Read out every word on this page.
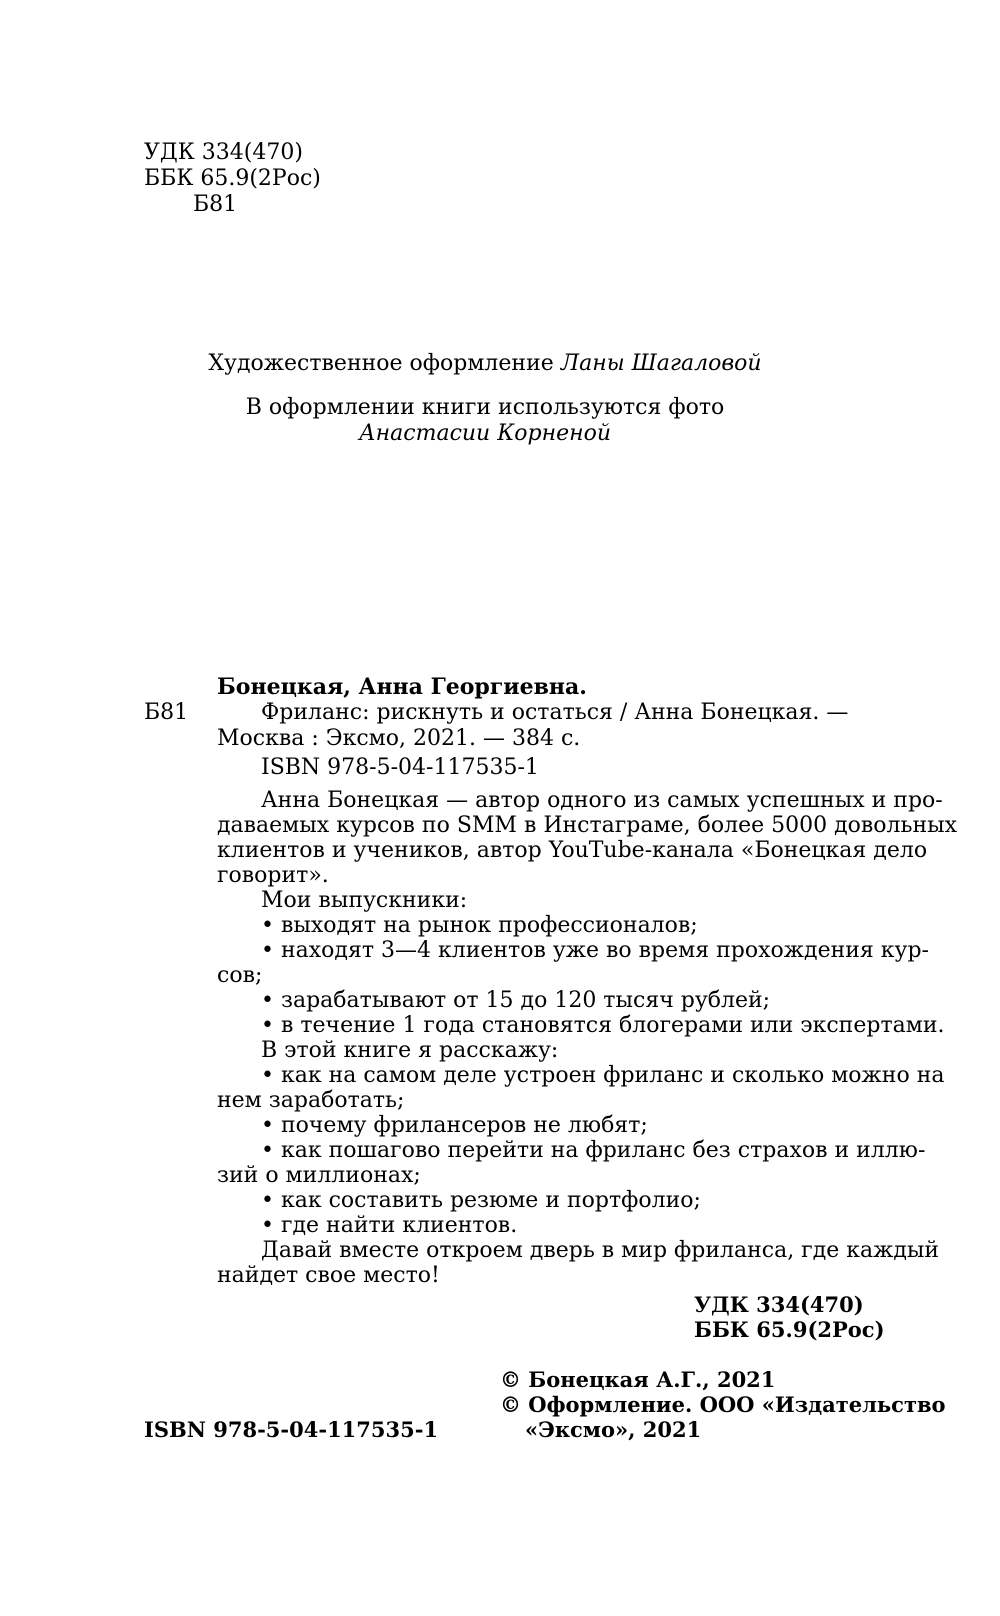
УДК 334(470)
ББК 65.9(2Рос)
Б81
Художественное оформление Ланы Шагаловой
В оформлении книги используются фото
Анастасии Корненой
Бонецкая, Анна Георгиевна.
Б81	Фриланс: рискнуть и остаться / Анна Бонецкая. —
Москва : Эксмо, 2021. — 384 с.
ISBN 978-5-04-117535-1
Анна Бонецкая — автор одного из самых успешных и про-
даваемых курсов по SMM в Инстаграме, более 5000 довольных
клиентов и учеников, автор YouTube-канала «Бонецкая дело
говорит».
Мои выпускники:
• выходят на рынок профессионалов;
• находят 3—4 клиентов уже во время прохождения кур-
сов;
• зарабатывают от 15 до 120 тысяч рублей;
• в течение 1 года становятся блогерами или экспертами.
В этой книге я расскажу:
• как на самом деле устроен фриланс и сколько можно на
нем заработать;
• почему фрилансеров не любят;
• как пошагово перейти на фриланс без страхов и иллю-
зий о миллионах;
• как составить резюме и портфолио;
• где найти клиентов.
Давай вместе откроем дверь в мир фриланса, где каждый
найдет свое место!
УДК 334(470)
ББК 65.9(2Рос)
ISBN 978-5-04-117535-1
© Бонецкая А.Г., 2021
© Оформление. ООО «Издательство
«Эксмо», 2021
